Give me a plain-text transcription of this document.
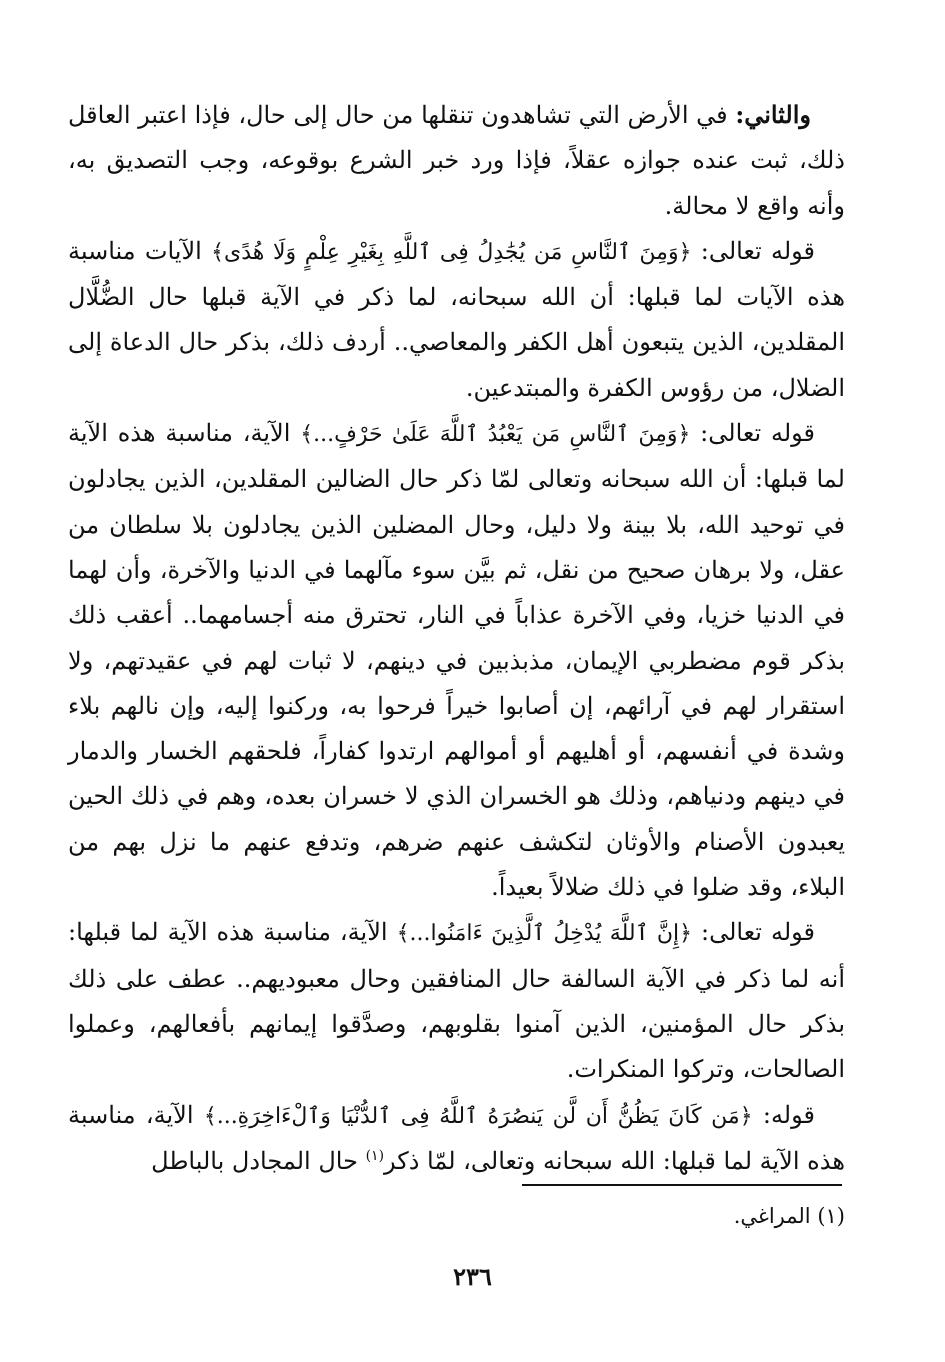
والثاني: في الأرض التي تشاهدون تنقلها من حال إلى حال، فإذا اعتبر العاقل ذلك، ثبت عنده جوازه عقلاً، فإذا ورد خبر الشرع بوقوعه، وجب التصديق به، وأنه واقع لا محالة.

قوله تعالى: ﴿وَمِنَ ٱلنَّاسِ مَن يُجَٰدِلُ فِى ٱللَّهِ بِغَيْرِ عِلْمٍ وَلَا هُدًى﴾ الآيات مناسبة هذه الآيات لما قبلها: أن الله سبحانه، لما ذكر في الآية قبلها حال الضُّلَّال المقلدين، الذين يتبعون أهل الكفر والمعاصي.. أردف ذلك، بذكر حال الدعاة إلى الضلال، من رؤوس الكفرة والمبتدعين.

قوله تعالى: ﴿وَمِنَ ٱلنَّاسِ مَن يَعْبُدُ ٱللَّهَ عَلَىٰ حَرْفٍ...﴾ الآية، مناسبة هذه الآية لما قبلها: أن الله سبحانه وتعالى لمّا ذكر حال الضالين المقلدين، الذين يجادلون في توحيد الله، بلا بينة ولا دليل، وحال المضلين الذين يجادلون بلا سلطان من عقل، ولا برهان صحيح من نقل، ثم بيَّن سوء مآلهما في الدنيا والآخرة، وأن لهما في الدنيا خزيا، وفي الآخرة عذاباً في النار، تحترق منه أجسامهما.. أعقب ذلك بذكر قوم مضطربي الإيمان، مذبذبين في دينهم، لا ثبات لهم في عقيدتهم، ولا استقرار لهم في آرائهم، إن أصابوا خيراً فرحوا به، وركنوا إليه، وإن نالهم بلاء وشدة في أنفسهم، أو أهليهم أو أموالهم ارتدوا كفاراً، فلحقهم الخسار والدمار في دينهم ودنياهم، وذلك هو الخسران الذي لا خسران بعده، وهم في ذلك الحين يعبدون الأصنام والأوثان لتكشف عنهم ضرهم، وتدفع عنهم ما نزل بهم من البلاء، وقد ضلوا في ذلك ضلالاً بعيداً.

قوله تعالى: ﴿إِنَّ ٱللَّهَ يُدْخِلُ ٱلَّذِينَ ءَامَنُوا...﴾ الآية، مناسبة هذه الآية لما قبلها: أنه لما ذكر في الآية السالفة حال المنافقين وحال معبوديهم.. عطف على ذلك بذكر حال المؤمنين، الذين آمنوا بقلوبهم، وصدَّقوا إيمانهم بأفعالهم، وعملوا الصالحات، وتركوا المنكرات.

قوله: ﴿مَن كَانَ يَظُنُّ أَن لَّن يَنصُرَهُ ٱللَّهُ فِى ٱلدُّنْيَا وَٱلْءَاخِرَةِ...﴾ الآية، مناسبة هذه الآية لما قبلها: الله سبحانه وتعالى، لمّا ذكر$^{(١)}$ حال المجادل بالباطل

(١) المراغي.
٢٣٦
